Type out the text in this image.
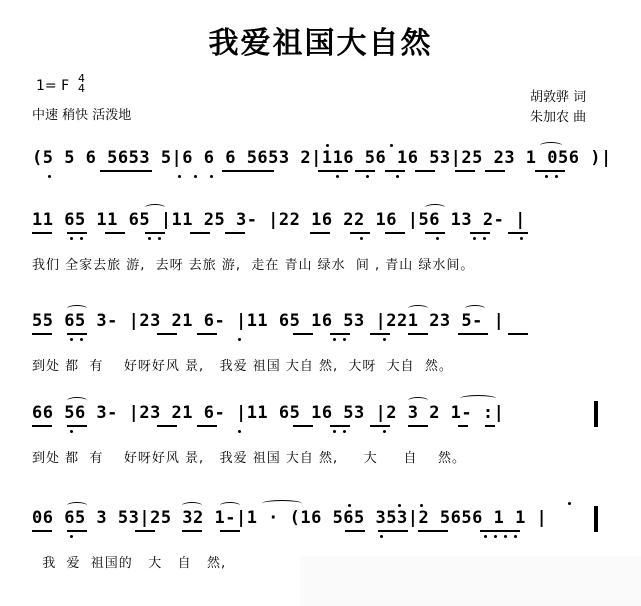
我爱祖国大自然
1= F 4
4
中速 稍快 活泼地
胡敦骅 词
朱加农 曲
(5 5 6 5653 5|6 6 6 5653 2|116 56 16 53|25 23 1 056 )|
11 65 11 65 |11 25 3- |22 16 22 16 |56 13 2- |
我们 全家去旅 游,  去呀 去旅 游,  走在 青山 绿水  间 , 青山 绿水间。
55 65 3- |23 21 6- |11 65 16 53 |221 23 5- |
到处 都  有    好呀好风 景,   我爱 祖国 大自 然,  大呀  大自  然。
66 56 3- |23 21 6- |11 65 16 53 |2 3 2 1- :|
到处 都  有    好呀好风 景,   我爱 祖国 大自 然,     大     自    然。
06 65 3 53|25 32 1-|1 · (16 565 353|2 5656 1 1 |
我  爱  祖国的   大   自   然,
